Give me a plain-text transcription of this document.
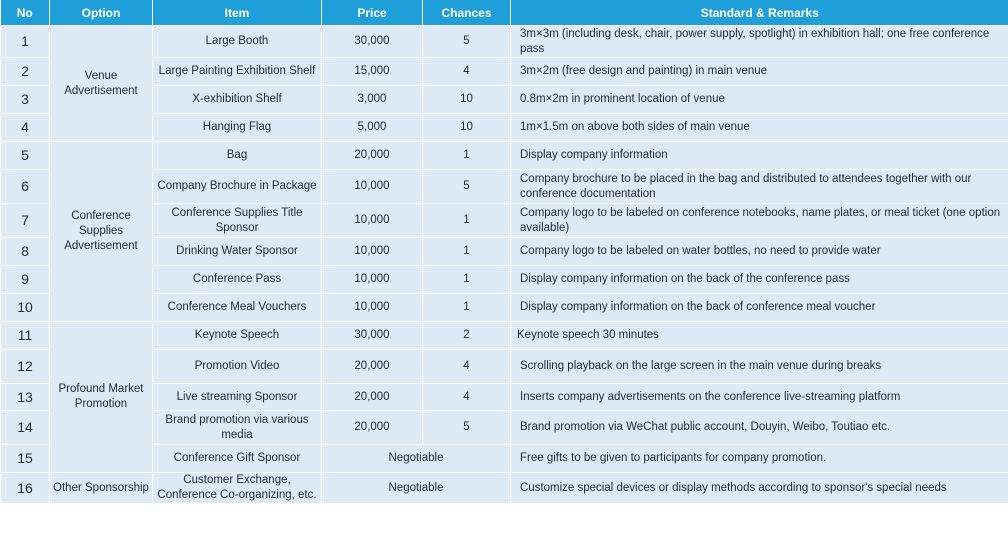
No	Option	Item	Price	Chances	Standard & Remarks
1	Venue Advertisement	Large Booth	30,000	5	3m×3m (including desk, chair, power supply, spotlight) in exhibition hall; one free conference pass
2		Large Painting Exhibition Shelf	15,000	4	3m×2m (free design and painting) in main venue
3		X-exhibition Shelf	3,000	10	0.8m×2m in prominent location of venue
4		Hanging Flag	5,000	10	1m×1.5m on above both sides of main venue
5	Conference Supplies Advertisement	Bag	20,000	1	Display company information
6		Company Brochure in Package	10,000	5	Company brochure to be placed in the bag and distributed to attendees together with our conference documentation
7		Conference Supplies Title Sponsor	10,000	1	Company logo to be labeled on conference notebooks, name plates, or meal ticket (one option available)
8		Drinking Water Sponsor	10,000	1	Company logo to be labeled on water bottles, no need to provide water
9		Conference Pass	10,000	1	Display company information on the back of the conference pass
10		Conference Meal Vouchers	10,000	1	Display company information on the back of conference meal voucher
11	Profound Market Promotion	Keynote Speech	30,000	2	Keynote speech 30 minutes
12		Promotion Video	20,000	4	Scrolling playback on the large screen in the main venue during breaks
13		Live streaming Sponsor	20,000	4	Inserts company advertisements on the conference live-streaming platform
14		Brand promotion via various media	20,000	5	Brand promotion via WeChat public account, Douyin, Weibo, Toutiao etc.
15		Conference Gift Sponsor	Negotiable		Free gifts to be given to participants for company promotion.
16	Other Sponsorship	Customer Exchange, Conference Co-organizing, etc.	Negotiable		Customize special devices or display methods according to sponsor's special needs
